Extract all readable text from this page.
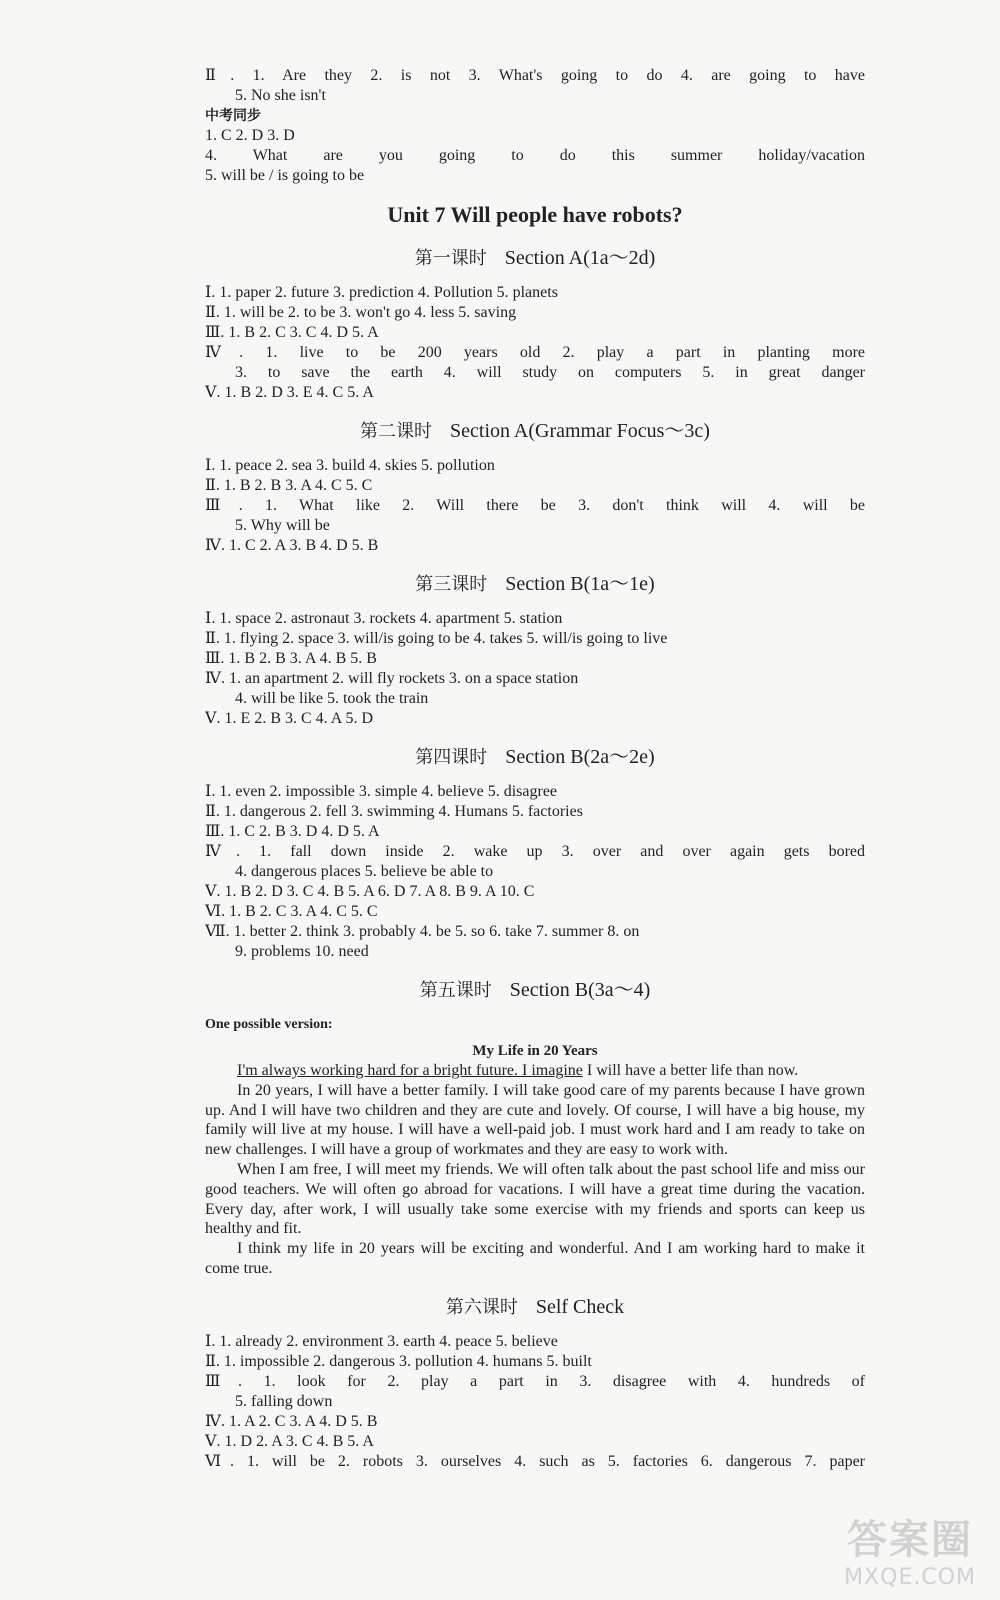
Ⅱ. 1. Are they 2. is not 3. What's going to do 4. are going to have
5. No she isn't
中考同步
1. C 2. D 3. D
4. What are you going to do this summer holiday/vacation
5. will be / is going to be
Unit 7 Will people have robots?
第一课时 Section A(1a～2d)
Ⅰ. 1. paper 2. future 3. prediction 4. Pollution 5. planets
Ⅱ. 1. will be 2. to be 3. won't go 4. less 5. saving
Ⅲ. 1. B 2. C 3. C 4. D 5. A
Ⅳ. 1. live to be 200 years old 2. play a part in planting more
3. to save the earth 4. will study on computers 5. in great danger
Ⅴ. 1. B 2. D 3. E 4. C 5. A
第二课时 Section A(Grammar Focus～3c)
Ⅰ. 1. peace 2. sea 3. build 4. skies 5. pollution
Ⅱ. 1. B 2. B 3. A 4. C 5. C
Ⅲ. 1. What like 2. Will there be 3. don't think will 4. will be
5. Why will be
Ⅳ. 1. C 2. A 3. B 4. D 5. B
第三课时 Section B(1a～1e)
Ⅰ. 1. space 2. astronaut 3. rockets 4. apartment 5. station
Ⅱ. 1. flying 2. space 3. will/is going to be 4. takes 5. will/is going to live
Ⅲ. 1. B 2. B 3. A 4. B 5. B
Ⅳ. 1. an apartment 2. will fly rockets 3. on a space station
4. will be like 5. took the train
Ⅴ. 1. E 2. B 3. C 4. A 5. D
第四课时 Section B(2a～2e)
Ⅰ. 1. even 2. impossible 3. simple 4. believe 5. disagree
Ⅱ. 1. dangerous 2. fell 3. swimming 4. Humans 5. factories
Ⅲ. 1. C 2. B 3. D 4. D 5. A
Ⅳ. 1. fall down inside 2. wake up 3. over and over again gets bored
4. dangerous places 5. believe be able to
Ⅴ. 1. B 2. D 3. C 4. B 5. A 6. D 7. A 8. B 9. A 10. C
Ⅵ. 1. B 2. C 3. A 4. C 5. C
Ⅶ. 1. better 2. think 3. probably 4. be 5. so 6. take 7. summer 8. on
9. problems 10. need
第五课时 Section B(3a～4)
One possible version:
My Life in 20 Years

I'm always working hard for a bright future. I imagine I will have a better life than now.

In 20 years, I will have a better family. I will take good care of my parents because I have grown up. And I will have two children and they are cute and lovely. Of course, I will have a big house, my family will live at my house. I will have a well-paid job. I must work hard and I am ready to take on new challenges. I will have a group of workmates and they are easy to work with.

When I am free, I will meet my friends. We will often talk about the past school life and miss our good teachers. We will often go abroad for vacations. I will have a great time during the vacation. Every day, after work, I will usually take some exercise with my friends and sports can keep us healthy and fit.

I think my life in 20 years will be exciting and wonderful. And I am working hard to make it come true.

第六课时 Self Check
Ⅰ. 1. already 2. environment 3. earth 4. peace 5. believe
Ⅱ. 1. impossible 2. dangerous 3. pollution 4. humans 5. built
Ⅲ. 1. look for 2. play a part in 3. disagree with 4. hundreds of
5. falling down
Ⅳ. 1. A 2. C 3. A 4. D 5. B
Ⅴ. 1. D 2. A 3. C 4. B 5. A
Ⅵ. 1. will be 2. robots 3. ourselves 4. such as 5. factories 6. dangerous 7. paper
答案圈
MXQE.COM
